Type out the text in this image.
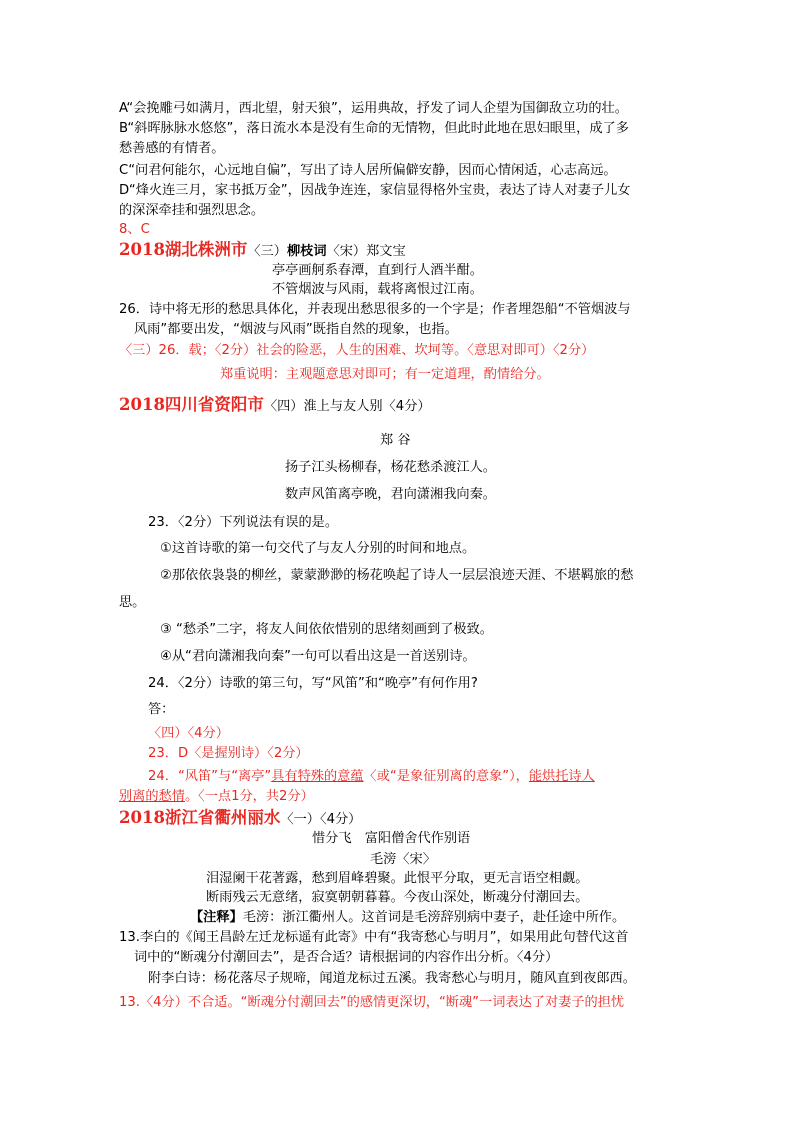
A“会挽雕弓如满月，西北望，射天狼”，运用典故，抒发了词人企望为国御敌立功的壮。
B“斜晖脉脉水悠悠”，落日流水本是没有生命的无情物，但此时此地在思妇眼里，成了多
愁善感的有情者。
C“问君何能尔，心远地自偏”，写出了诗人居所偏僻安静，因而心情闲适，心志高远。
D“烽火连三月，家书抵万金”，因战争连连，家信显得格外宝贵，表达了诗人对妻子儿女
的深深牵挂和强烈思念。
8、C
2018湖北株洲市〈三）柳枝词〈宋）郑文宝
亭亭画舸系春潭，直到行人酒半酣。
不管烟波与风雨，载将离恨过江南。
26．诗中将无形的愁思具体化，并表现出愁思很多的一个字是；作者埋怨船“不管烟波与
风雨”都要出发，“烟波与风雨”既指自然的现象，也指。
〈三）26．载；〈2分）社会的险恶，人生的困难、坎坷等。〈意思对即可）〈2分）
郑重说明：主观题意思对即可；有一定道理，酌情给分。
2018四川省资阳市〈四）淮上与友人别〈4分）
郑 谷
扬子江头杨柳春，杨花愁杀渡江人。
数声风笛离亭晚，君向潇湘我向秦。
23．〈2分）下列说法有误的是。
①这首诗歌的第一句交代了与友人分别的时间和地点。
②那依依袅袅的柳丝，蒙蒙渺渺的杨花唤起了诗人一层层浪迹天涯、不堪羁旅的愁
思。
③ “愁杀”二字，将友人间依依惜别的思绪刻画到了极致。
④从“君向潇湘我向秦”一句可以看出这是一首送别诗。
24．〈2分）诗歌的第三句，写“风笛”和“晚亭”有何作用?
答：
〈四）〈4分）
23．D〈是握别诗）〈2分）
24．“风笛”与“离亭”具有特殊的意蕴〈或“是象征别离的意象”），能烘托诗人
别离的愁情。〈一点1分，共2分）
2018浙江省衢州丽水〈一）〈4分）
惜分飞　富阳僧舍代作别语
毛滂〈宋〉
泪湿阑干花著露，愁到眉峰碧聚。此恨平分取，更无言语空相觑。
断雨残云无意绪，寂寞朝朝暮暮。今夜山深处，断魂分付潮回去。
【注释】毛滂：浙江衢州人。这首词是毛滂辞别病中妻子，赴任途中所作。
13.李白的《闻王昌龄左迁龙标遥有此寄》中有“我寄愁心与明月”，如果用此句替代这首
词中的“断魂分付潮回去”，是否合适？请根据词的内容作出分析。〈4分）
附李白诗：杨花落尽子规啼，闻道龙标过五溪。我寄愁心与明月，随风直到夜郎西。
13.〈4分）不合适。“断魂分付潮回去”的感情更深切，“断魂”一词表达了对妻子的担忧
